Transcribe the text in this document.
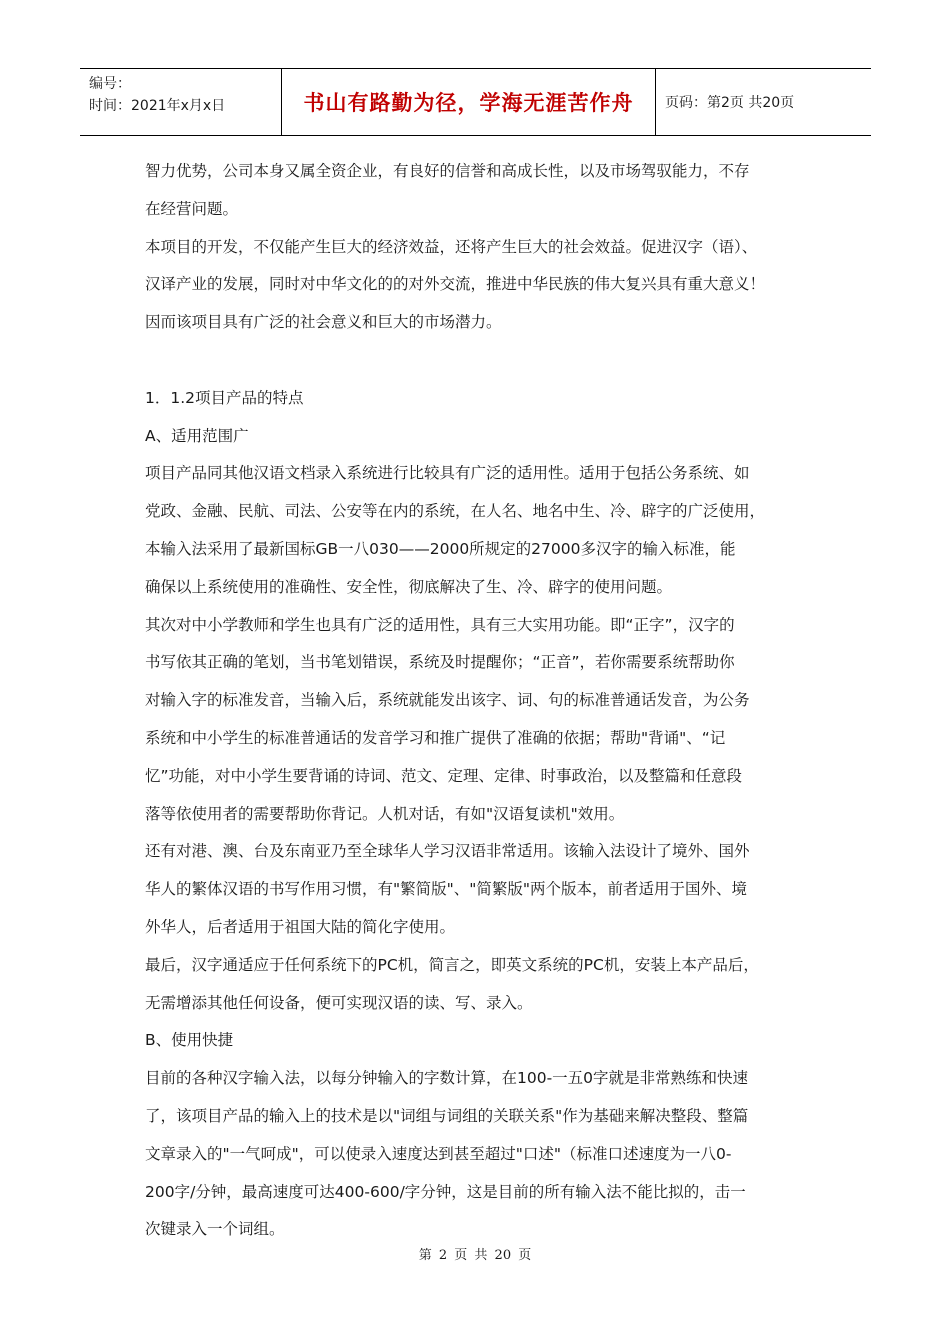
编号：
时间：2021年x月x日	书山有路勤为径，学海无涯苦作舟 页码：第2页 共20页

智力优势，公司本身又属全资企业，有良好的信誉和高成长性，以及市场驾驭能力，不存

在经营问题。

本项目的开发，不仅能产生巨大的经济效益，还将产生巨大的社会效益。促进汉字（语）、

汉译产业的发展，同时对中华文化的的对外交流，推进中华民族的伟大复兴具有重大意义！

因而该项目具有广泛的社会意义和巨大的市场潜力。

1．1.2项目产品的特点

A、适用范围广

项目产品同其他汉语文档录入系统进行比较具有广泛的适用性。适用于包括公务系统、如

党政、金融、民航、司法、公安等在内的系统，在人名、地名中生、冷、辟字的广泛使用，

本输入法采用了最新国标GB一八030——2000所规定的27000多汉字的输入标准，能

确保以上系统使用的准确性、安全性，彻底解决了生、冷、辟字的使用问题。

其次对中小学教师和学生也具有广泛的适用性，具有三大实用功能。即“正字”，汉字的

书写依其正确的笔划，当书笔划错误，系统及时提醒你；“正音”，若你需要系统帮助你

对输入字的标准发音，当输入后，系统就能发出该字、词、句的标准普通话发音，为公务

系统和中小学生的标准普通话的发音学习和推广提供了准确的依据；帮助"背诵"、“记

忆”功能，对中小学生要背诵的诗词、范文、定理、定律、时事政治，以及整篇和任意段

落等依使用者的需要帮助你背记。人机对话，有如"汉语复读机"效用。

还有对港、澳、台及东南亚乃至全球华人学习汉语非常适用。该输入法设计了境外、国外

华人的繁体汉语的书写作用习惯，有"繁简版"、"简繁版"两个版本，前者适用于国外、境

外华人，后者适用于祖国大陆的简化字使用。

最后，汉字通适应于任何系统下的PC机，简言之，即英文系统的PC机，安装上本产品后，

无需增添其他任何设备，便可实现汉语的读、写、录入。

B、使用快捷

目前的各种汉字输入法，以每分钟输入的字数计算，在100-一五0字就是非常熟练和快速

了，该项目产品的输入上的技术是以"词组与词组的关联关系"作为基础来解决整段、整篇

文章录入的"一气呵成"，可以使录入速度达到甚至超过"口述"（标准口述速度为一八0-

200字/分钟，最高速度可达400-600/字分钟，这是目前的所有输入法不能比拟的，击一

次键录入一个词组。

第 2 页 共 20 页
